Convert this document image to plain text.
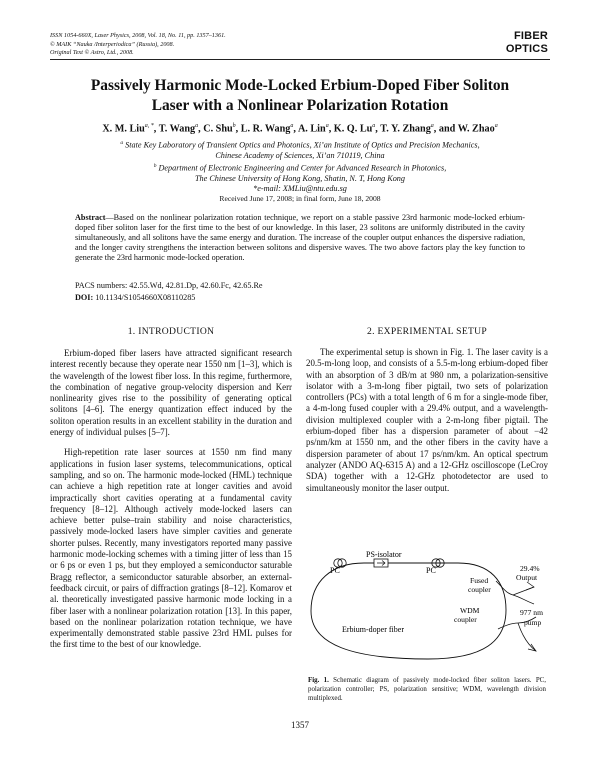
ISSN 1054-660X, Laser Physics, 2008, Vol. 18, No. 11, pp. 1357–1361.
© MAIK “Nauka /Interperiodica” (Russia), 2008.
Original Text © Astro, Ltd., 2008.
FIBER
OPTICS
Passively Harmonic Mode-Locked Erbium-Doped Fiber Soliton
Laser with a Nonlinear Polarization Rotation
X. M. Liu$^{a, *}$, T. Wang$^a$, C. Shu$^b$, L. R. Wang$^a$, A. Lin$^a$, K. Q. Lu$^a$, T. Y. Zhang$^a$, and W. Zhao$^a$
$^a$ State Key Laboratory of Transient Optics and Photonics, Xi’an Institute of Optics and Precision Mechanics,
Chinese Academy of Sciences, Xi’an 710119, China
$^b$ Department of Electronic Engineering and Center for Advanced Research in Photonics,
The Chinese University of Hong Kong, Shatin, N. T, Hong Kong
*e-mail: XMLiu@ntu.edu.sg
Received June 17, 2008; in final form, June 18, 2008
Abstract—Based on the nonlinear polarization rotation technique, we report on a stable passive 23rd harmonic mode-locked erbium-doped fiber soliton laser for the first time to the best of our knowledge. In this laser, 23 solitons are uniformly distributed in the cavity simultaneously, and all solitons have the same energy and duration. The increase of the coupler output enhances the dispersive radiation, and the longer cavity strengthens the interaction between solitons and dispersive waves. The two above factors play the key function to generate the 23rd harmonic mode-locked operation.
PACS numbers: 42.55.Wd, 42.81.Dp, 42.60.Fc, 42.65.Re
DOI: 10.1134/S1054660X08110285
1. INTRODUCTION	2. EXPERIMENTAL SETUP

Erbium-doped fiber lasers have attracted significant research interest recently because they operate near 1550 nm [1–3], which is the wavelength of the lowest fiber loss. In this regime, furthermore, the combination of negative group-velocity dispersion and Kerr nonlinearity gives rise to the possibility of generating optical solitons [4–6]. The energy quantization effect induced by the soliton operation results in an excellent stability in the duration and energy of individual pulses [5–7].

High-repetition rate laser sources at 1550 nm find many applications in fusion laser systems, telecommunications, optical sampling, and so on. The harmonic mode-locked (HML) technique can achieve a high repetition rate at longer cavities and avoid impractically short cavities operating at a fundamental cavity frequency [8–12]. Although actively mode-locked lasers can achieve better pulse–train stability and noise characteristics, passively mode-locked lasers have simpler cavities and generate shorter pulses. Recently, many investigators reported many passive harmonic mode-locking schemes with a timing jitter of less than 15 or 6 ps or even 1 ps, but they employed a semiconductor saturable Bragg reflector, a semiconductor saturable absorber, an external-feedback circuit, or pairs of diffraction gratings [8–12]. Komarov et al. theoretically investigated passive harmonic mode locking in a fiber laser with a nonlinear polarization rotation [13]. In this paper, based on the nonlinear polarization rotation technique, we have experimentally demonstrated stable passive 23rd HML pulses for the first time to the best of our knowledge.

The experimental setup is shown in Fig. 1. The laser cavity is a 20.5-m-long loop, and consists of a 5.5-m-long erbium-doped fiber with an absorption of 3 dB/m at 980 nm, a polarization-sensitive isolator with a 3-m-long fiber pigtail, two sets of polarization controllers (PCs) with a total length of 6 m for a single-mode fiber, a 4-m-long fused coupler with a 29.4% output, and a wavelength-division multiplexed coupler with a 2-m-long fiber pigtail. The erbium-doped fiber has a dispersion parameter of about −42 ps/nm/km at 1550 nm, and the other fibers in the cavity have a dispersion parameter of about 17 ps/nm/km. An optical spectrum analyzer (ANDO AQ-6315 A) and a 12-GHz oscilloscope (LeCroy SDA) together with a 12-GHz photodetector are used to simultaneously monitor the laser output.

PC
PS-isolator
PC	29.4%
Output
Fused
coupler
WDM
coupler
977 nm
pump
Erbium-doper fiber
Fig. 1. Schematic diagram of passively mode-locked fiber soliton lasers. PC, polarization controller; PS, polarization sensitive; WDM, wavelength division multiplexed.
1357
